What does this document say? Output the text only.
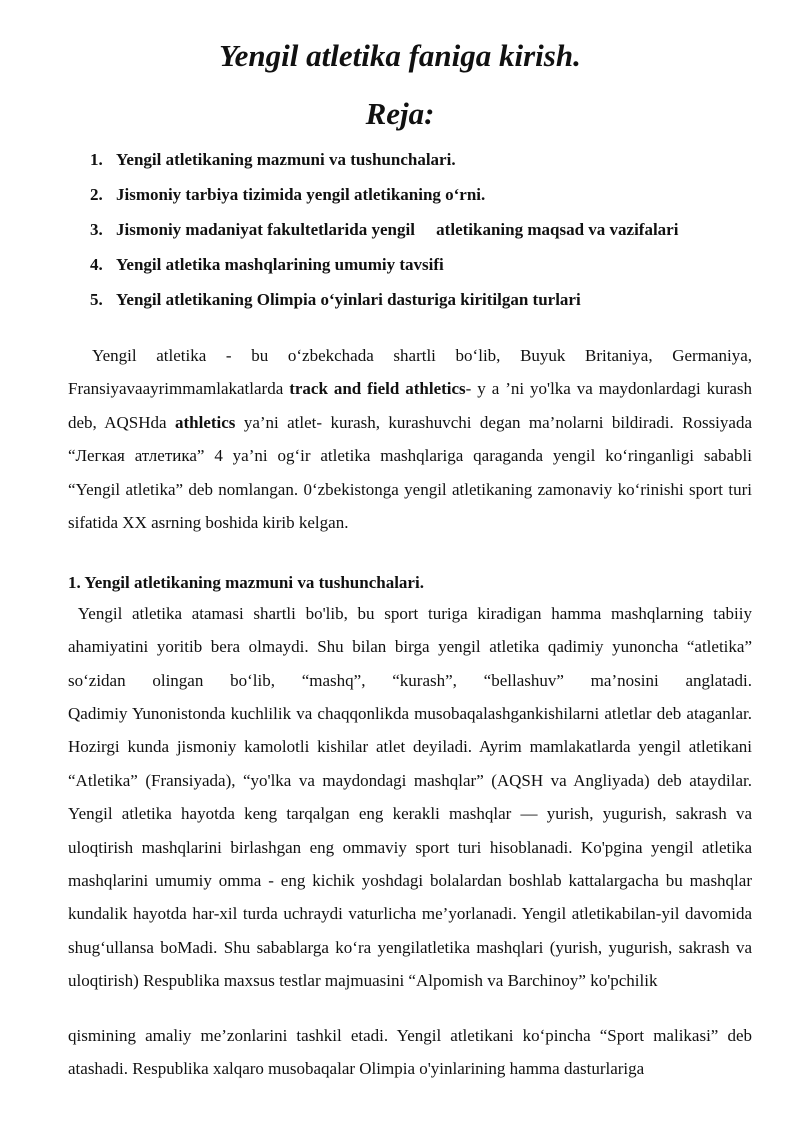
Yengil atletika faniga kirish.
Reja:
1. Yengil atletikaning mazmuni va tushunchalari.
2. Jismoniy tarbiya tizimida yengil atletikaning o‘rni.
3. Jismoniy madaniyat fakultetlarida yengil     atletikaning maqsad va vazifalari
4. Yengil atletika mashqlarining umumiy tavsifi
5. Yengil atletikaning Olimpia o‘yinlari dasturiga kiritilgan turlari

Yengil atletika - bu o‘zbekchada shartli bo‘lib, Buyuk Britaniya, Germaniya, Fransiyavaayrimmamlakatlarda track and field athletics- y a ’ni yo'lka va maydonlardagi kurash deb, AQSHda athletics ya’ni atlet- kurash, kurashuvchi degan ma’nolarni bildiradi. Rossiyada “Легкая атлетика” 4 ya’ni og‘ir atletika mashqlariga qaraganda yengil ko‘ringanligi sababli “Yengil atletika” deb nomlangan. 0‘zbekistonga yengil atletikaning zamonaviy ko‘rinishi sport turi sifatida XX asrning boshida kirib kelgan.

1. Yengil atletikaning mazmuni va tushunchalari.

Yengil atletika atamasi shartli bo'lib, bu sport turiga kiradigan hamma mashqlarning tabiiy ahamiyatini yoritib bera olmaydi. Shu bilan birga yengil atletika qadimiy yunoncha “atletika” so‘zidan olingan bo‘lib, “mashq”, “kurash”, “bellashuv” ma’nosini anglatadi.

Qadimiy Yunonistonda kuchlilik va chaqqonlikda musobaqalashgankishilarni atletlar deb ataganlar. Hozirgi kunda jismoniy kamolotli kishilar atlet deyiladi. Ayrim mamlakatlarda yengil atletikani “Atletika” (Fransiyada), “yo'lka va maydondagi mashqlar” (AQSH va Angliyada) deb ataydilar. Yengil atletika hayotda keng tarqalgan eng kerakli mashqlar — yurish, yugurish, sakrash va uloqtirish mashqlarini birlashgan eng ommaviy sport turi hisoblanadi. Ko'pgina yengil atletika mashqlarini umumiy omma - eng kichik yoshdagi bolalardan boshlab kattalargacha bu mashqlar kundalik hayotda har-xil turda uchraydi vaturlicha me’yorlanadi. Yengil atletikabilan-yil davomida shug‘ullansa boMadi. Shu sabablarga ko‘ra yengilatletika mashqlari (yurish, yugurish, sakrash va uloqtirish) Respublika maxsus testlar majmuasini “Alpomish va Barchinoy” ko'pchilik

qismining amaliy me’zonlarini tashkil etadi. Yengil atletikani ko‘pincha “Sport malikasi” deb atashadi. Respublika xalqaro musobaqalar Olimpia o'yinlarining hamma dasturlariga
